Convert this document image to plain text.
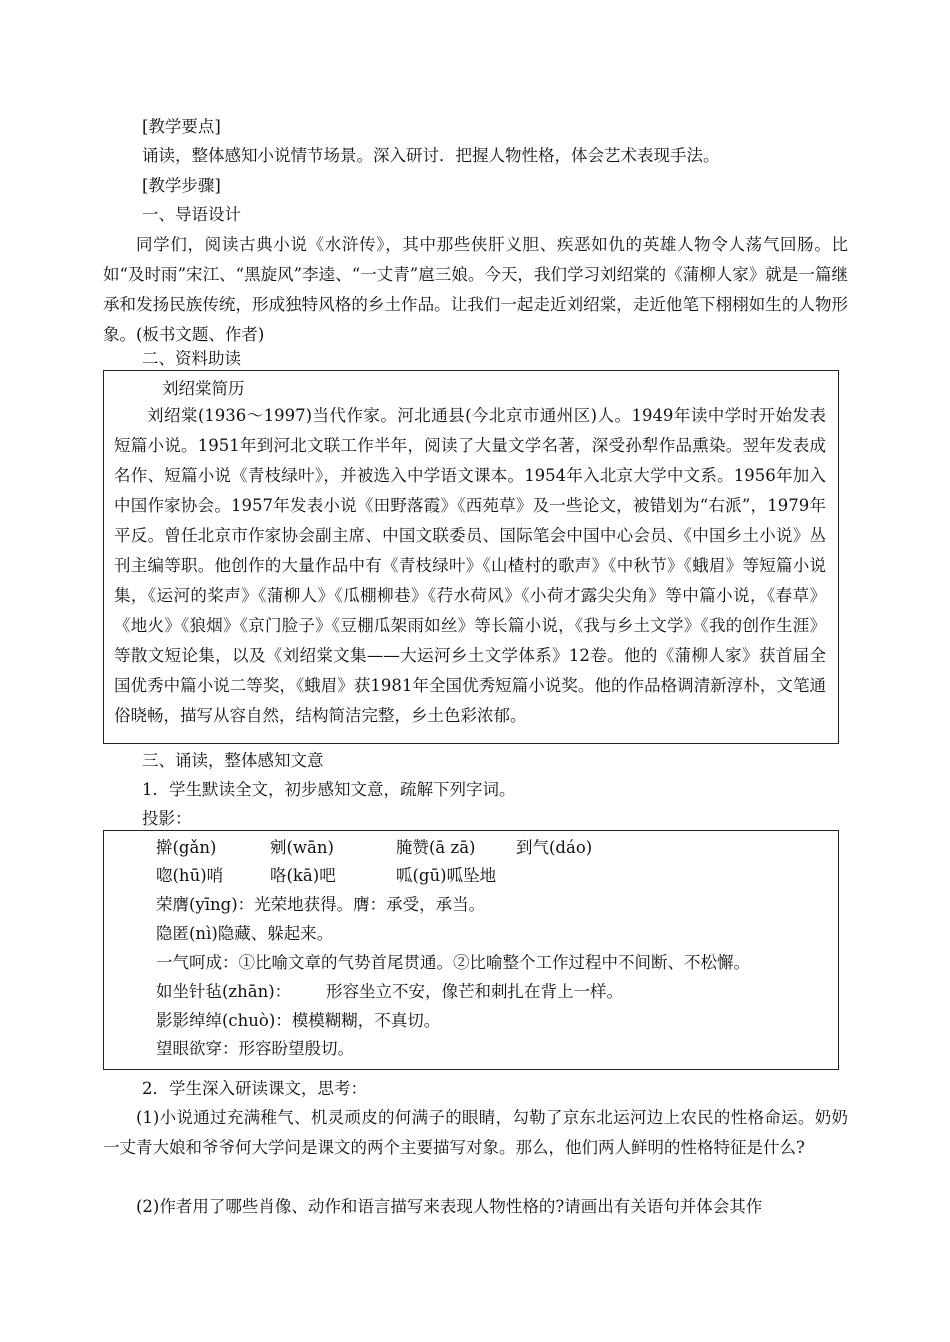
[教学要点]
诵读，整体感知小说情节场景。深入研讨．把握人物性格，体会艺术表现手法。
[教学步骤]
一、导语设计
同学们，阅读古典小说《水浒传》，其中那些侠肝义胆、疾恶如仇的英雄人物令人荡气回肠。比如“及时雨”宋江、“黑旋风”李逵、“一丈青”扈三娘。今天，我们学习刘绍棠的《蒲柳人家》就是一篇继承和发扬民族传统，形成独特风格的乡土作品。让我们一起走近刘绍棠，走近他笔下栩栩如生的人物形象。(板书文题、作者)
二、资料助读
刘绍棠简历
刘绍棠(1936～1997)当代作家。河北通县(今北京市通州区)人。1949年读中学时开始发表短篇小说。1951年到河北文联工作半年，阅读了大量文学名著，深受孙犁作品熏染。翌年发表成名作、短篇小说《青枝绿叶》，并被选入中学语文课本。1954年入北京大学中文系。1956年加入中国作家协会。1957年发表小说《田野落霞》《西苑草》及一些论文，被错划为“右派”，1979年平反。曾任北京市作家协会副主席、中国文联委员、国际笔会中国中心会员、《中国乡土小说》丛刊主编等职。他创作的大量作品中有《青枝绿叶》《山楂村的歌声》《中秋节》《蛾眉》等短篇小说集，《运河的桨声》《蒲柳人》《瓜棚柳巷》《荇水荷风》《小荷才露尖尖角》等中篇小说，《春草》《地火》《狼烟》《京门脸子》《豆棚瓜架雨如丝》等长篇小说，《我与乡土文学》《我的创作生涯》等散文短论集，以及《刘绍棠文集——大运河乡土文学体系》12卷。他的《蒲柳人家》获首届全国优秀中篇小说二等奖，《蛾眉》获1981年全国优秀短篇小说奖。他的作品格调清新淳朴，文笔通俗晓畅，描写从容自然，结构简洁完整，乡土色彩浓郁。
三、诵读，整体感知文意
1．学生默读全文，初步感知文意，疏解下列字词。
投影：
擀(gǎn)	剜(wān)	腌赞(ā zā) 到气(dáo)
唿(hū)哨	咯(kā)吧	呱(gū)呱坠地
荣膺(yīng)：光荣地获得。膺：承受，承当。
隐匿(nì)隐藏、躲起来。
一气呵成：①比喻文章的气势首尾贯通。②比喻整个工作过程中不间断、不松懈。
如坐针毡(zhān)： 形容坐立不安，像芒和刺扎在背上一样。
影影绰绰(chuò)：模模糊糊，不真切。
望眼欲穿：形容盼望殷切。
2．学生深入研读课文，思考：
(1)小说通过充满稚气、机灵顽皮的何满子的眼睛，勾勒了京东北运河边上农民的性格命运。奶奶一丈青大娘和爷爷何大学问是课文的两个主要描写对象。那么，他们两人鲜明的性格特征是什么?
(2)作者用了哪些肖像、动作和语言描写来表现人物性格的?请画出有关语句并体会其作
